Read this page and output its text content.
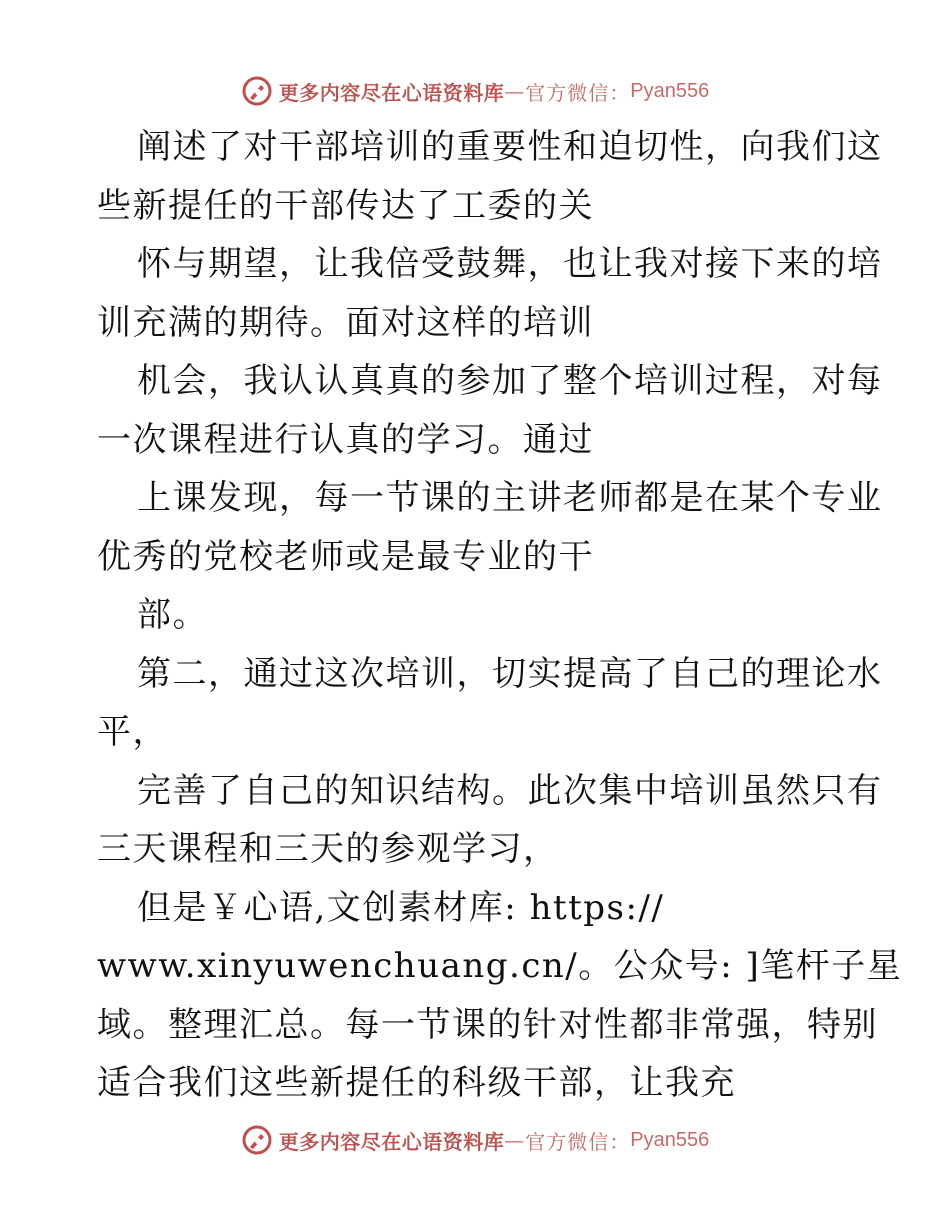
更多内容尽在心语资料库 — 官方微信： Pyan556
阐述了对干部培训的重要性和迫切性，向我们这
些新提任的干部传达了工委的关
怀与期望，让我倍受鼓舞，也让我对接下来的培
训充满的期待。面对这样的培训
机会，我认认真真的参加了整个培训过程，对每
一次课程进行认真的学习。通过
上课发现，每一节课的主讲老师都是在某个专业
优秀的党校老师或是最专业的干
部。
第二，通过这次培训，切实提高了自己的理论水
平，
完善了自己的知识结构。此次集中培训虽然只有
三天课程和三天的参观学习，
但是￥心语,文创素材库: https://
www.xinyuwenchuang.cn/。公众号: ]笔杆子星
域。整理汇总。每一节课的针对性都非常强，特别
适合我们这些新提任的科级干部，让我充
更多内容尽在心语资料库 — 官方微信： Pyan556
